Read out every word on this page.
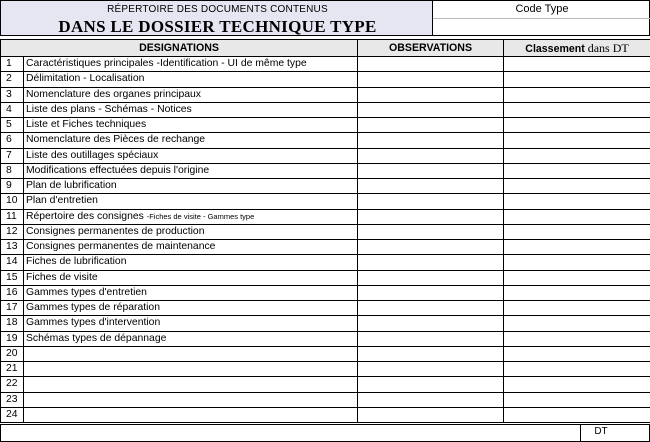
RÉPERTOIRE DES DOCUMENTS CONTENUS
DANS LE DOSSIER TECHNIQUE TYPE
Code Type
DESIGNATIONS		OBSERVATIONS	Classement dans DT
1	Caractéristiques principales -Identification - UI de même type		
2	Délimitation - Localisation		
3	Nomenclature des organes principaux		
4	Liste des plans - Schémas - Notices		
5	Liste et Fiches techniques		
6	Nomenclature des Pièces de rechange		
7	Liste des outillages spéciaux		
8	Modifications effectuées depuis l'origine		
9	Plan de lubrification		
10	Plan d'entretien		
11	Répertoire des consignes -Fiches de visite - Gammes type		
12	Consignes permanentes de production		
13	Consignes permanentes de maintenance		
14	Fiches de lubrification		
15	Fiches de visite		
16	Gammes types d'entretien		
17	Gammes types de réparation		
18	Gammes types d'intervention		
19	Schémas types de dépannage		
20			
21			
22			
23			
24			
DT
